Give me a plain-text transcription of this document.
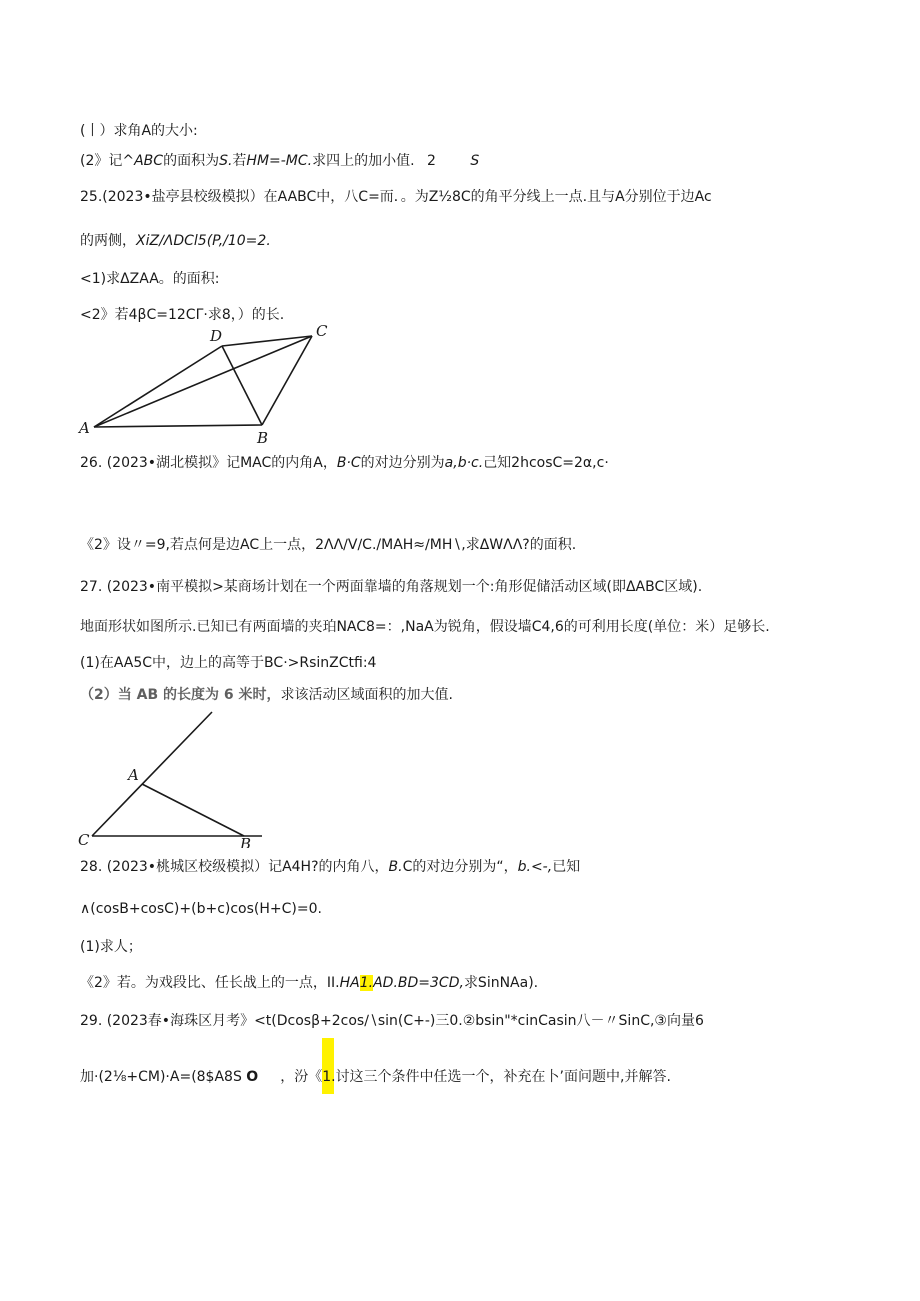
(丨）求角A的大小:
(2》记^ABC的面积为S.若HM=-MC.求四上的加小值. 2 S
25.(2023•盐亭县校级模拟）在AABC中，八C=而．。为Z½8C的角平分线上一点.且与A分别位于边Ac
的两侧，XiZ∕ΛDCl5(P,/10=2.
<1)求ΔZAA。的面积:
<2》若4βC=12CΓ·求8，）的长.
A
B
C
D
26. (2023•湖北模拟》记MAC的内角A，B·C的对边分别为a,b·c.己知2hcosC=2α,c·
《2》设〃=9,若点何是边AC上一点，2ΛΛ∕V∕C./MAH≈∕MH∖,求ΔWΛΛ?的面积.
27. (2023•南平模拟>某商场计划在一个两面靠墙的角落规划一个:角形促储活动区域(即ΔABC区域).
地面形状如图所示.已知已有两面墙的夹珀NAC8=：,NaA为锐角，假设墙C4,6的可利用长度(单位：米）足够长.
(1)在AA5C中，边上的高等于BC·>RsinZCtfi:4
（2）当 AB 的长度为 6 米时，求该活动区域面积的加大值.
A
B
C
28. (2023•桃城区校级模拟）记A4H?的内角八，B.C的对边分别为“，b.<-,已知
∧(cosB+cosC)+(b+c)cos(H+C)=0.
(1)求人；
《2》若。为戏段比、任长战上的一点，II.HA1.AD.BD=3CD,求SinNAa).
29. (2023春•海珠区月考》<t(Dcosβ+2cos∕∖sin(C+-)三0.②bsin"*cinCasin八－〃SinC,③向量6
加·(2⅛+CM)·A=(8$A8S O ，汾《1.讨这三个条件中任选一个，补充在卜’面问题中,并解答.
